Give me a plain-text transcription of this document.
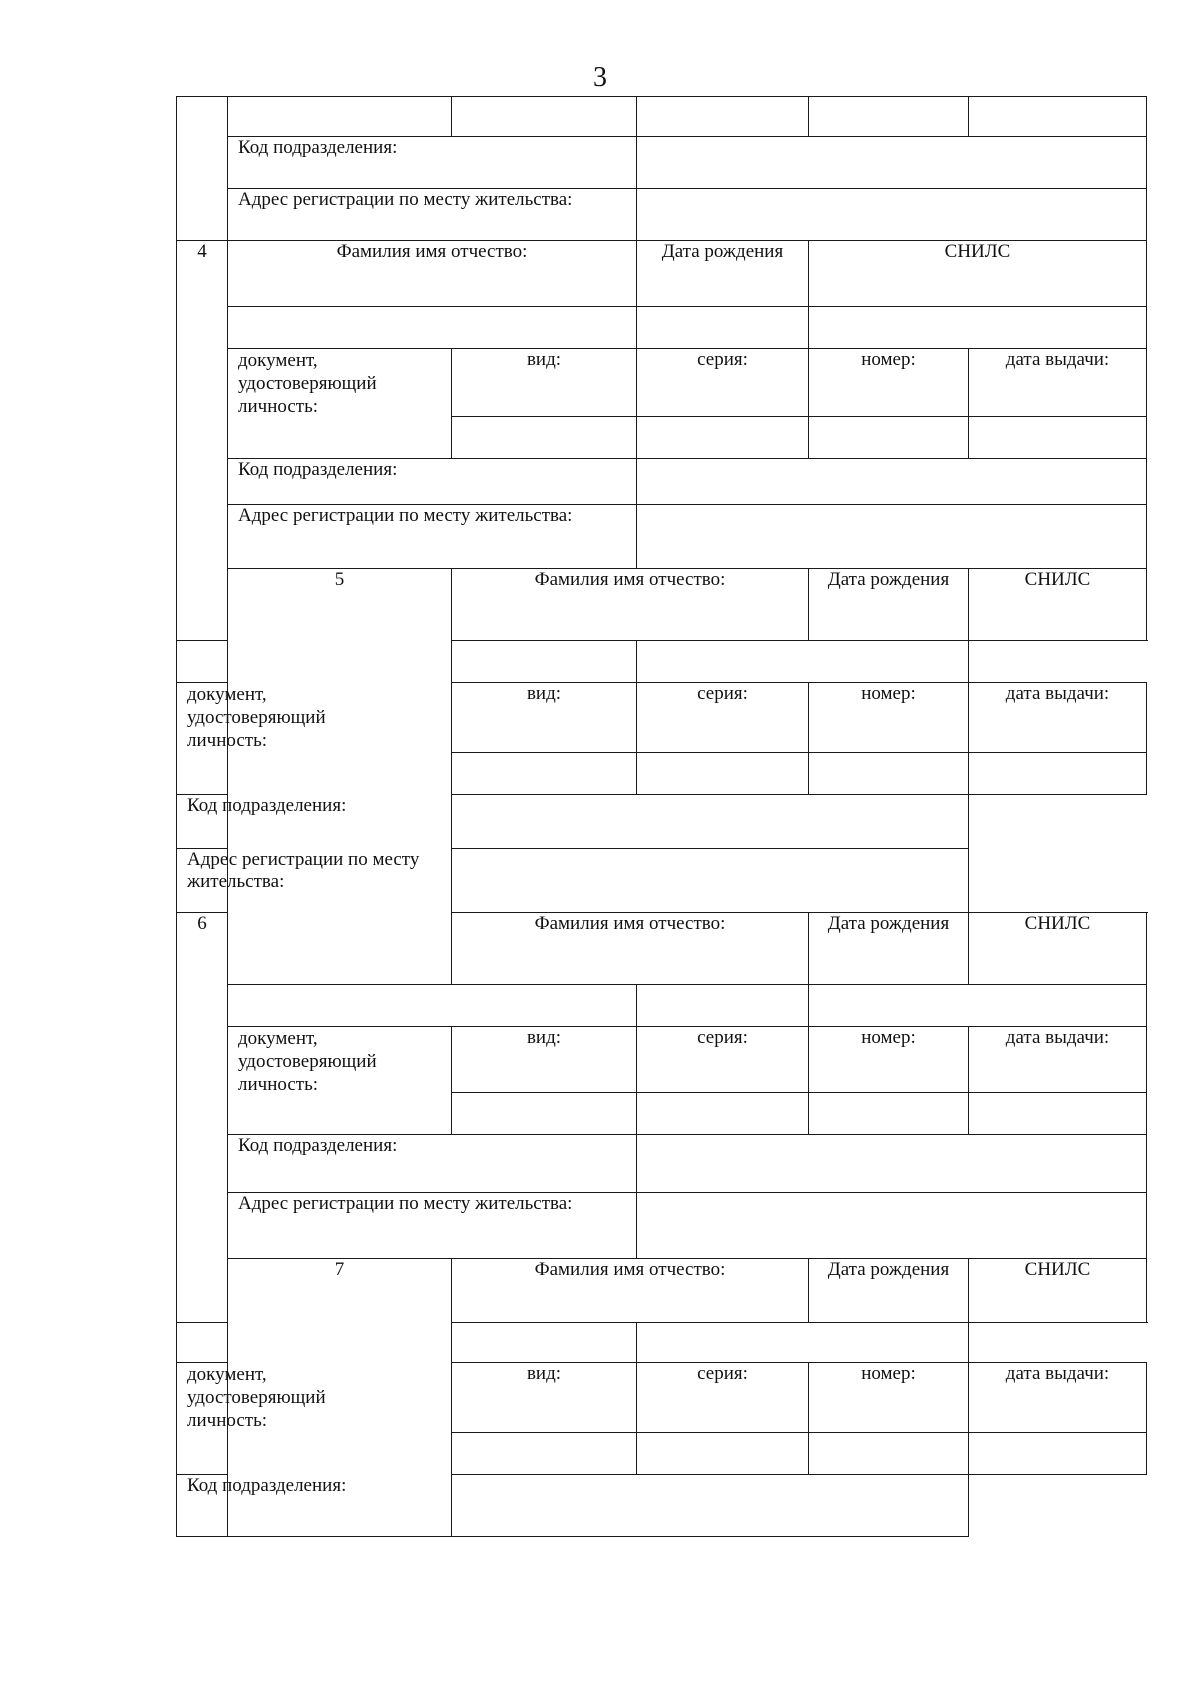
3

	Код подразделения:				
	Адрес регистрации по месту жительства:				
4	Фамилия имя отчество:		Дата рождения	СНИЛС	

	документ,
удостоверяющий
личность:	вид:	серия:	номер:	дата выдачи:

	Код подразделения:				
	Адрес регистрации по месту жительства:				
	5	Фамилия имя отчество:		Дата рождения	СНИЛС

документ,
удостоверяющий
личность:		вид:	серия:	номер:	дата выдачи:

Код подразделения:					
Адрес регистрации по месту жительства:					
6		Фамилия имя отчество:		Дата рождения	СНИЛС

	документ,
удостоверяющий
личность:	вид:	серия:	номер:	дата выдачи:

	Код подразделения:				
	Адрес регистрации по месту жительства:				
	7	Фамилия имя отчество:		Дата рождения	СНИЛС

документ,
удостоверяющий
личность:		вид:	серия:	номер:	дата выдачи:

Код подразделения:					
